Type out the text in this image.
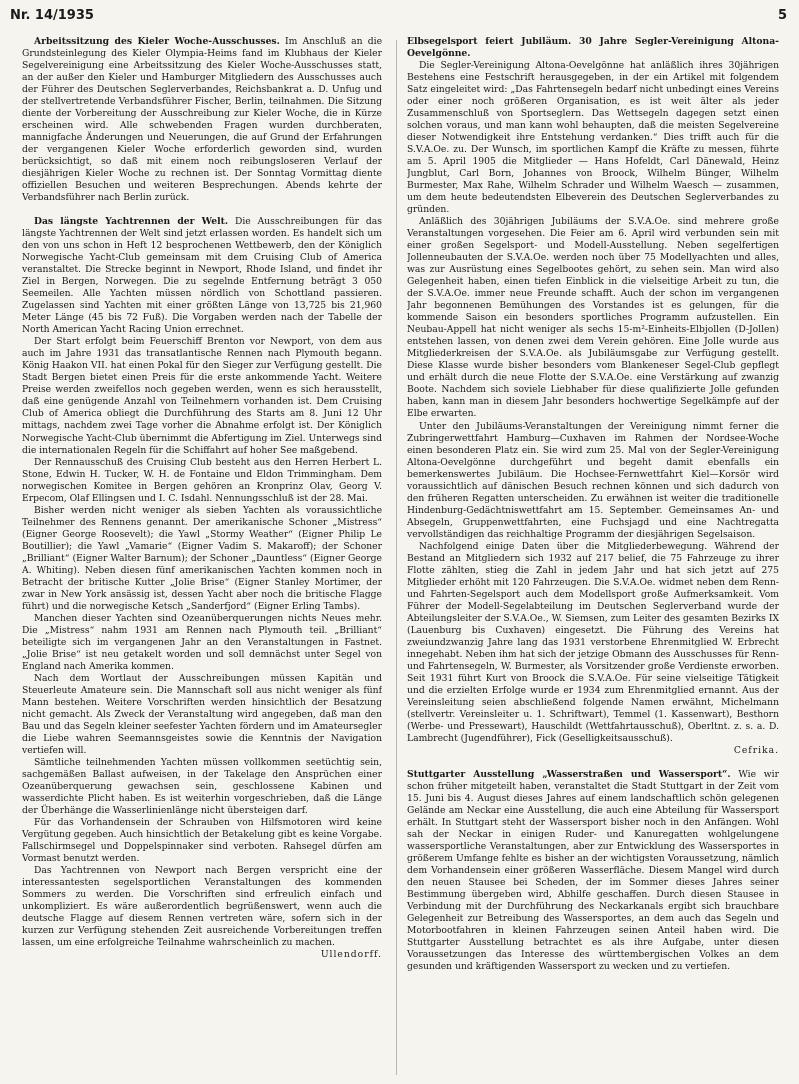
Nr. 14/1935	5

Arbeitssitzung des Kieler Woche-Ausschusses. Im Anschluß an die Grundsteinlegung des Kieler Olympia-Heims fand im Klubhaus der Kieler Segelvereinigung eine Arbeitssitzung des Kieler Woche-Ausschusses statt, an der außer den Kieler und Hamburger Mitgliedern des Ausschusses auch der Führer des Deutschen Seglerverbandes, Reichsbankrat a. D. Unfug und der stellvertretende Verbandsführer Fischer, Berlin, teilnahmen. Die Sitzung diente der Vorbereitung der Ausschreibung zur Kieler Woche, die in Kürze erscheinen wird. Alle schwebenden Fragen wurden durchberaten, mannigfache Änderungen und Neuerungen, die auf Grund der Erfahrungen der vergangenen Kieler Woche erforderlich geworden sind, wurden berücksichtigt, so daß mit einem noch reibungsloseren Verlauf der diesjährigen Kieler Woche zu rechnen ist. Der Sonntag Vormittag diente offiziellen Besuchen und weiteren Besprechungen. Abends kehrte der Verbandsführer nach Berlin zurück.

Das längste Yachtrennen der Welt. Die Ausschreibungen für das längste Yachtrennen der Welt sind jetzt erlassen worden. Es handelt sich um den von uns schon in Heft 12 besprochenen Wettbewerb, den der Königlich Norwegische Yacht-Club gemeinsam mit dem Cruising Club of America veranstaltet. Die Strecke beginnt in Newport, Rhode Island, und findet ihr Ziel in Bergen, Norwegen. Die zu segelnde Entfernung beträgt 3 050 Seemeilen. Alle Yachten müssen nördlich von Schottland passieren. Zugelassen sind Yachten mit einer größten Länge von 13,725 bis 21,960 Meter Länge (45 bis 72 Fuß). Die Vorgaben werden nach der Tabelle der North American Yacht Racing Union errechnet.

Der Start erfolgt beim Feuerschiff Brenton vor Newport, von dem aus auch im Jahre 1931 das transatlantische Rennen nach Plymouth begann. König Haakon VII. hat einen Pokal für den Sieger zur Verfügung gestellt. Die Stadt Bergen bietet einen Preis für die erste ankommende Yacht. Weitere Preise werden zweifellos noch gegeben werden, wenn es sich herausstellt, daß eine genügende Anzahl von Teilnehmern vorhanden ist. Dem Cruising Club of America obliegt die Durchführung des Starts am 8. Juni 12 Uhr mittags, nachdem zwei Tage vorher die Abnahme erfolgt ist. Der Königlich Norwegische Yacht-Club übernimmt die Abfertigung im Ziel. Unterwegs sind die internationalen Regeln für die Schiffahrt auf hoher See maßgebend.

Der Rennausschuß des Cruising Club besteht aus den Herren Herbert L. Stone, Edwin H. Tucker, W. H. de Fontaine und Eldon Trimmingham. Dem norwegischen Komitee in Bergen gehören an Kronprinz Olav, Georg V. Erpecom, Olaf Ellingsen und I. C. Isdahl. Nennungsschluß ist der 28. Mai.

Bisher werden nicht weniger als sieben Yachten als voraussichtliche Teilnehmer des Rennens genannt. Der amerikanische Schoner „Mistress“ (Eigner George Roosevelt); die Yawl „Stormy Weather“ (Eigner Philip Le Boutillier); die Yawl „Vamarie“ (Eigner Vadim S. Makaroff); der Schoner „Brilliant“ (Eigner Walter Barnum); der Schoner „Dauntless“ (Eigner George A. Whiting). Neben diesen fünf amerikanischen Yachten kommen noch in Betracht der britische Kutter „Jolie Brise“ (Eigner Stanley Mortimer, der zwar in New York ansässig ist, dessen Yacht aber noch die britische Flagge führt) und die norwegische Ketsch „Sanderfjord“ (Eigner Erling Tambs).

Manchen dieser Yachten sind Ozeanüberquerungen nichts Neues mehr. Die „Mistress“ nahm 1931 am Rennen nach Plymouth teil. „Brilliant“ beteiligte sich im vergangenen Jahr an den Veranstaltungen in Fastnet. „Jolie Brise“ ist neu getakelt worden und soll demnächst unter Segel von England nach Amerika kommen.

Nach dem Wortlaut der Ausschreibungen müssen Kapitän und Steuerleute Amateure sein. Die Mannschaft soll aus nicht weniger als fünf Mann bestehen. Weitere Vorschriften werden hinsichtlich der Besatzung nicht gemacht. Als Zweck der Veranstaltung wird angegeben, daß man den Bau und das Segeln kleiner seefester Yachten fördern und im Amateursegler die Liebe wahren Seemannsgeistes sowie die Kenntnis der Navigation vertiefen will.

Sämtliche teilnehmenden Yachten müssen vollkommen seetüchtig sein, sachgemäßen Ballast aufweisen, in der Takelage den Ansprüchen einer Ozeanüberquerung gewachsen sein, geschlossene Kabinen und wasserdichte Plicht haben. Es ist weiterhin vorgeschrieben, daß die Länge der Überhänge die Wasserlinienlänge nicht übersteigen darf.

Für das Vorhandensein der Schrauben von Hilfsmotoren wird keine Vergütung gegeben. Auch hinsichtlich der Betakelung gibt es keine Vorgabe. Fallschirmsegel und Doppelspinnaker sind verboten. Rahsegel dürfen am Vormast benutzt werden.

Das Yachtrennen von Newport nach Bergen verspricht eine der interessantesten segelsportlichen Veranstaltungen des kommenden Sommers zu werden. Die Vorschriften sind erfreulich einfach und unkompliziert. Es wäre außerordentlich begrüßenswert, wenn auch die deutsche Flagge auf diesem Rennen vertreten wäre, sofern sich in der kurzen zur Verfügung stehenden Zeit ausreichende Vorbereitungen treffen lassen, um eine erfolgreiche Teilnahme wahrscheinlich zu machen.

Ullendorff.

Elbsegelsport feiert Jubiläum. 30 Jahre Segler-Vereinigung Altona-Oevelgönne.

Die Segler-Vereinigung Altona-Oevelgönne hat anläßlich ihres 30jährigen Bestehens eine Festschrift herausgegeben, in der ein Artikel mit folgendem Satz eingeleitet wird: „Das Fahrtensegeln bedarf nicht unbedingt eines Vereins oder einer noch größeren Organisation, es ist weit älter als jeder Zusammenschluß von Sportseglern. Das Wettsegeln dagegen setzt einen solchen voraus, und man kann wohl behaupten, daß die meisten Segelvereine dieser Notwendigkeit ihre Entstehung verdanken.“ Dies trifft auch für die S.V.A.Oe. zu. Der Wunsch, im sportlichen Kampf die Kräfte zu messen, führte am 5. April 1905 die Mitglieder — Hans Hofeldt, Carl Dänewald, Heinz Jungblut, Carl Born, Johannes von Broock, Wilhelm Bünger, Wilhelm Burmester, Max Rahe, Wilhelm Schrader und Wilhelm Waesch — zusammen, um dem heute bedeutendsten Elbeverein des Deutschen Seglerverbandes zu gründen.

Anläßlich des 30jährigen Jubiläums der S.V.A.Oe. sind mehrere große Veranstaltungen vorgesehen. Die Feier am 6. April wird verbunden sein mit einer großen Segelsport- und Modell-Ausstellung. Neben segelfertigen Jollenneubauten der S.V.A.Oe. werden noch über 75 Modellyachten und alles, was zur Ausrüstung eines Segelbootes gehört, zu sehen sein. Man wird also Gelegenheit haben, einen tiefen Einblick in die vielseitige Arbeit zu tun, die der S.V.A.Oe. immer neue Freunde schafft. Auch der schon im vergangenen Jahr begonnenen Bemühungen des Vorstandes ist es gelungen, für die kommende Saison ein besonders sportliches Programm aufzustellen. Ein Neubau-Appell hat nicht weniger als sechs 15-m²-Einheits-Elbjollen (D-Jollen) entstehen lassen, von denen zwei dem Verein gehören. Eine Jolle wurde aus Mitgliederkreisen der S.V.A.Oe. als Jubiläumsgabe zur Verfügung gestellt. Diese Klasse wurde bisher besonders vom Blankeneser Segel-Club gepflegt und erhält durch die neue Flotte der S.V.A.Oe. eine Verstärkung auf zwanzig Boote. Nachdem sich soviele Liebhaber für diese qualifizierte Jolle gefunden haben, kann man in diesem Jahr besonders hochwertige Segelkämpfe auf der Elbe erwarten.

Unter den Jubiläums-Veranstaltungen der Vereinigung nimmt ferner die Zubringerwettfahrt Hamburg—Cuxhaven im Rahmen der Nordsee-Woche einen besonderen Platz ein. Sie wird zum 25. Mal von der Segler-Vereinigung Altona-Oevelgönne durchgeführt und begeht damit ebenfalls ein bemerkenswertes Jubiläum. Die Hochsee-Fernwettfahrt Kiel—Korsör wird voraussichtlich auf dänischen Besuch rechnen können und sich dadurch von den früheren Regatten unterscheiden. Zu erwähnen ist weiter die traditionelle Hindenburg-Gedächtniswettfahrt am 15. September. Gemeinsames An- und Absegeln, Gruppenwettfahrten, eine Fuchsjagd und eine Nachtregatta vervollständigen das reichhaltige Programm der diesjährigen Segelsaison.

Nachfolgend einige Daten über die Mitgliederbewegung. Während der Bestand an Mitgliedern sich 1932 auf 217 belief, die 75 Fahrzeuge zu ihrer Flotte zählten, stieg die Zahl in jedem Jahr und hat sich jetzt auf 275 Mitglieder erhöht mit 120 Fahrzeugen. Die S.V.A.Oe. widmet neben dem Renn- und Fahrten-Segelsport auch dem Modellsport große Aufmerksamkeit. Vom Führer der Modell-Segelabteilung im Deutschen Seglerverband wurde der Abteilungsleiter der S.V.A.Oe., W. Siemsen, zum Leiter des gesamten Bezirks IX (Lauenburg bis Cuxhaven) eingesetzt. Die Führung des Vereins hat zweiundzwanzig Jahre lang das 1931 verstorbene Ehrenmitglied W. Erbrecht innegehabt. Neben ihm hat sich der jetzige Obmann des Ausschusses für Renn- und Fahrtensegeln, W. Burmester, als Vorsitzender große Verdienste erworben. Seit 1931 führt Kurt von Broock die S.V.A.Oe. Für seine vielseitige Tätigkeit und die erzielten Erfolge wurde er 1934 zum Ehrenmitglied ernannt. Aus der Vereinsleitung seien abschließend folgende Namen erwähnt, Michelmann (stellvertr. Vereinsleiter u. 1. Schriftwart), Temmel (1. Kassenwart), Besthorn (Werbe- und Pressewart), Hauschildt (Wettfahrtausschuß), Oberltnt. z. s. a. D. Lambrecht (Jugendführer), Fick (Geselligkeitsausschuß).

Cefrika.

Stuttgarter Ausstellung „Wasserstraßen und Wassersport“. Wie wir schon früher mitgeteilt haben, veranstaltet die Stadt Stuttgart in der Zeit vom 15. Juni bis 4. August dieses Jahres auf einem landschaftlich schön gelegenen Gelände am Neckar eine Ausstellung, die auch eine Abteilung für Wassersport erhält. In Stuttgart steht der Wassersport bisher noch in den Anfängen. Wohl sah der Neckar in einigen Ruder- und Kanuregatten wohlgelungene wassersportliche Veranstaltungen, aber zur Entwicklung des Wassersportes in größerem Umfange fehlte es bisher an der wichtigsten Voraussetzung, nämlich dem Vorhandensein einer größeren Wasserfläche. Diesem Mangel wird durch den neuen Stausee bei Scheden, der im Sommer dieses Jahres seiner Bestimmung übergeben wird, Abhilfe geschaffen. Durch diesen Stausee in Verbindung mit der Durchführung des Neckarkanals ergibt sich brauchbare Gelegenheit zur Betreibung des Wassersportes, an dem auch das Segeln und Motorbootfahren in kleinen Fahrzeugen seinen Anteil haben wird. Die Stuttgarter Ausstellung betrachtet es als ihre Aufgabe, unter diesen Voraussetzungen das Interesse des württembergischen Volkes an dem gesunden und kräftigenden Wassersport zu wecken und zu vertiefen.
